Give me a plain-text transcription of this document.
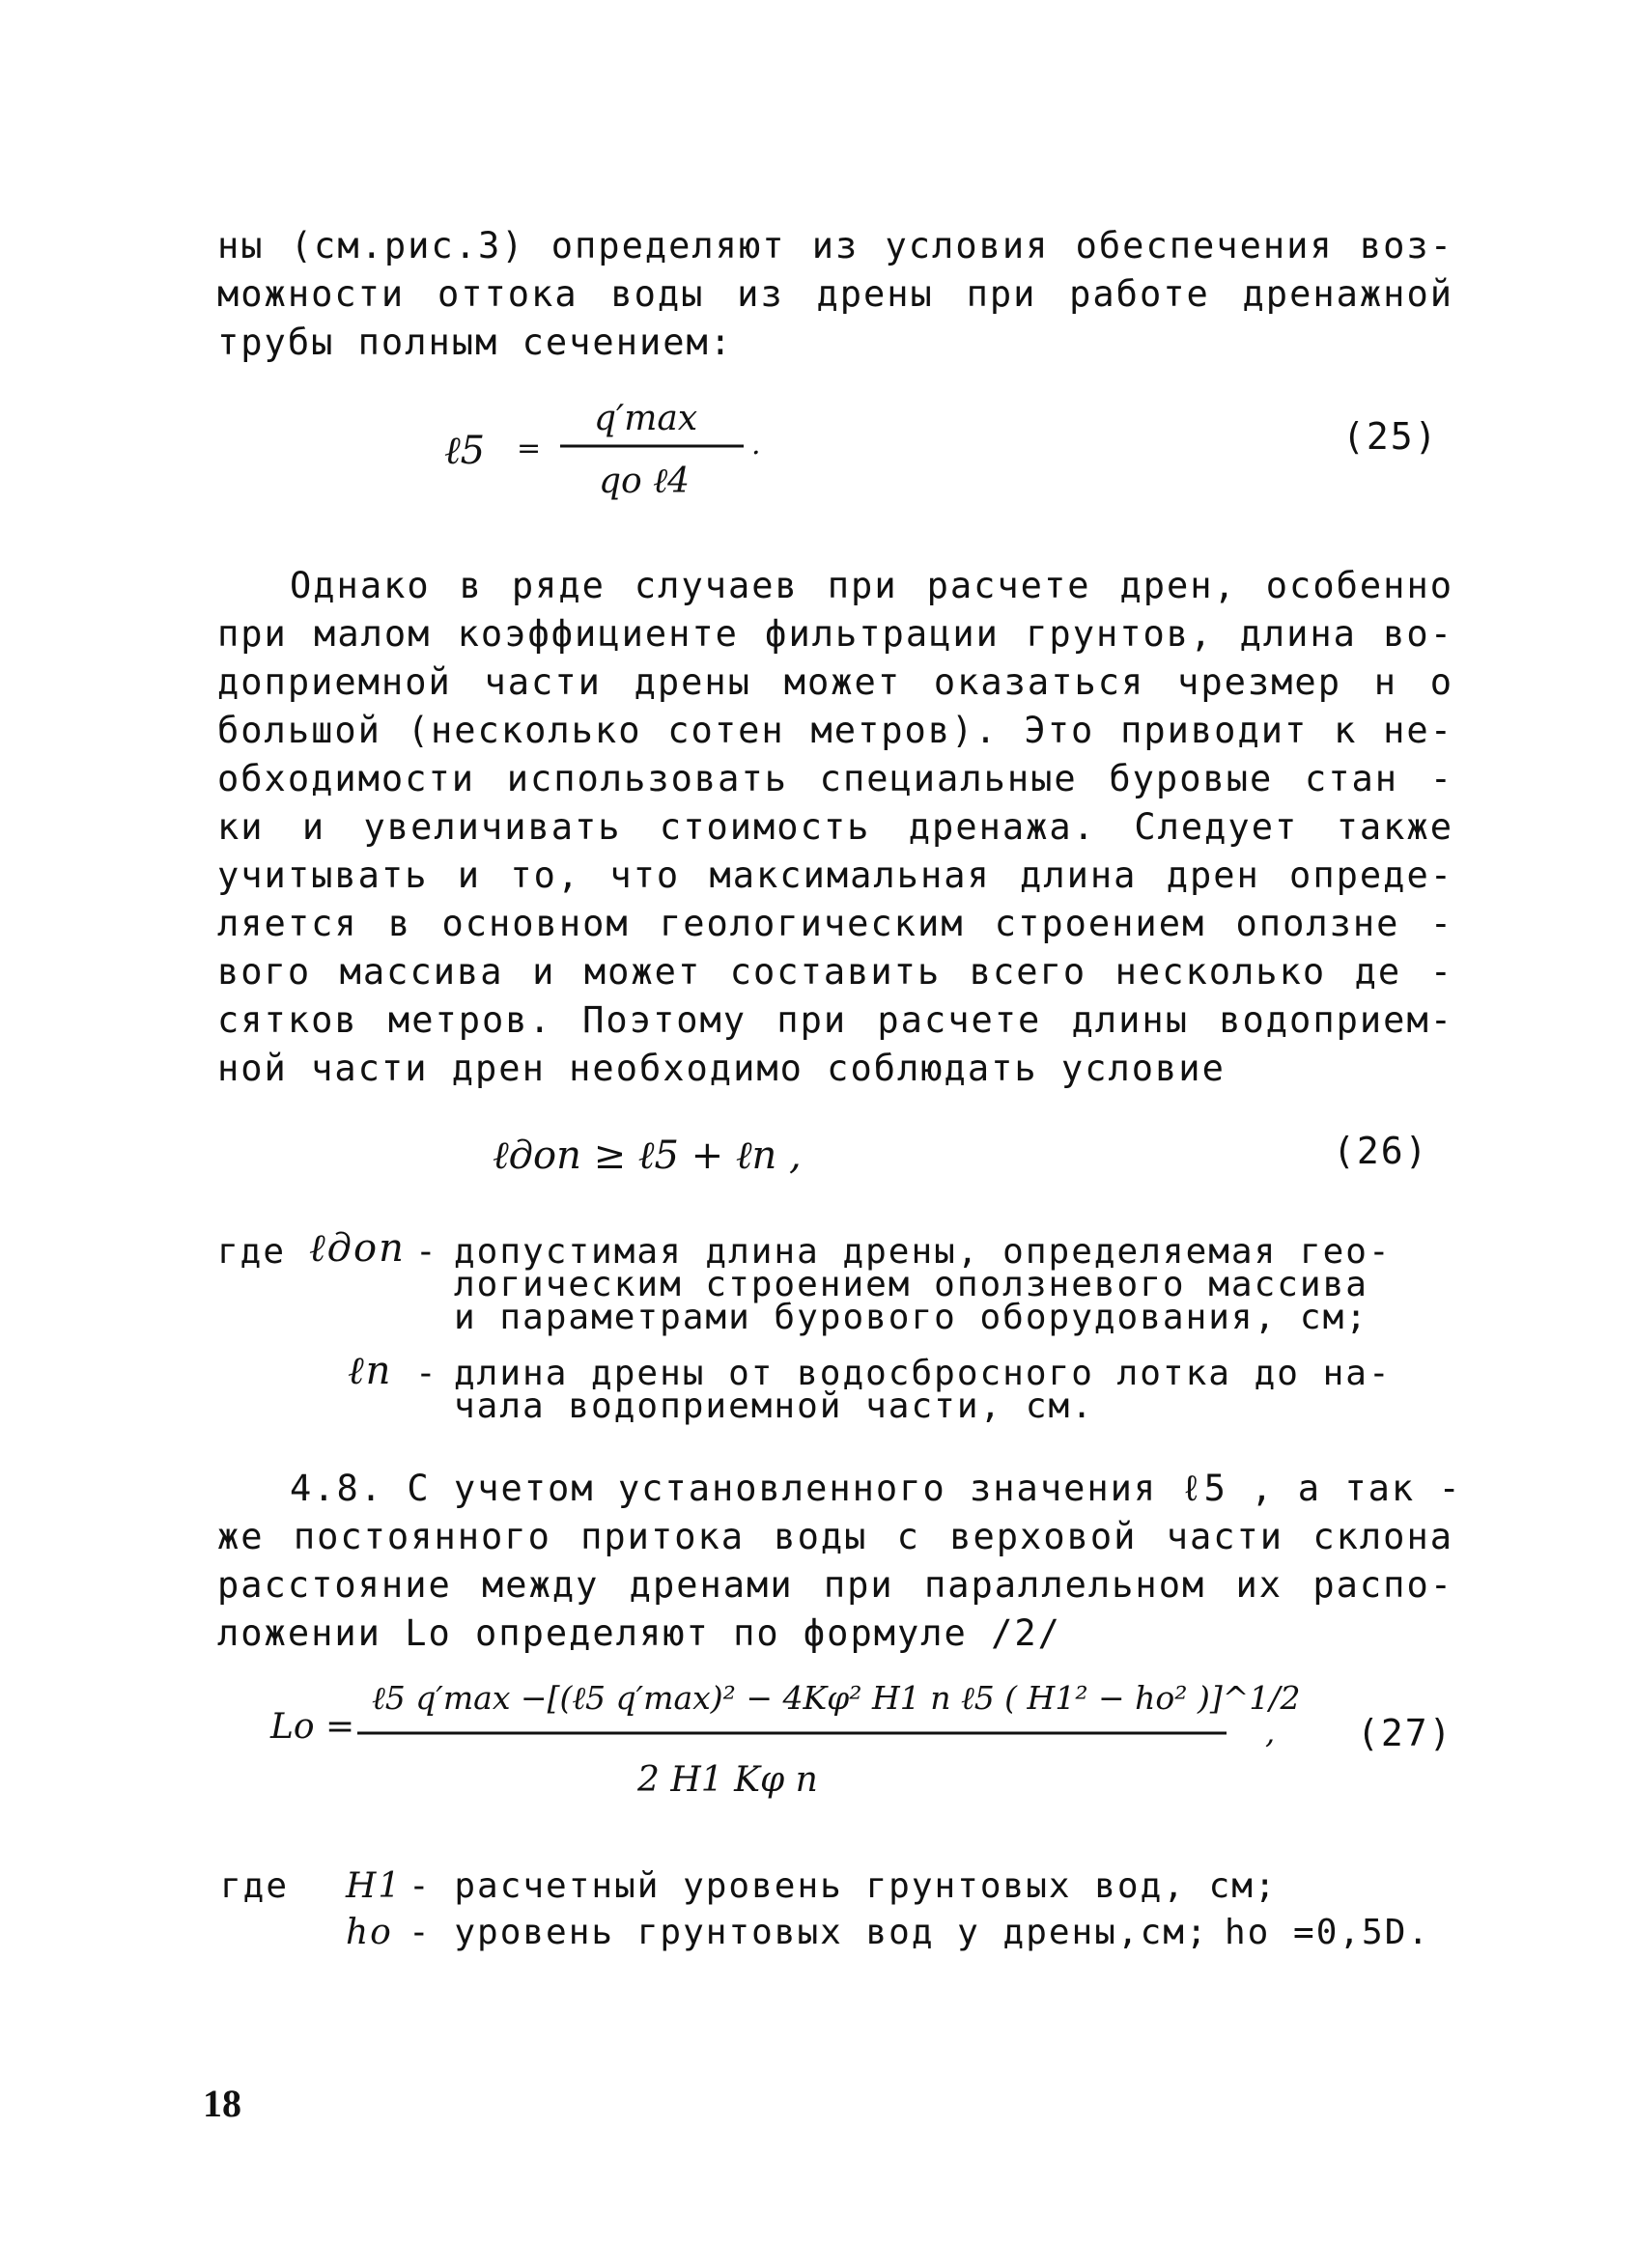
ны (см.рис.3) определяют из условия обеспечения воз-
можности оттока воды из дрены при работе дренажной
трубы полным сечением:
ℓ5 =
q′max
qo ℓ4
.	(25)
Однако в ряде случаев при расчете дрен, особенно
при малом коэффициенте фильтрации грунтов, длина во-
доприемной части дрены может оказаться чрезмер н о
большой (несколько сотен метров). Это приводит к не-
обходимости использовать специальные буровые стан -
ки и увеличивать стоимость дренажа. Следует также
учитывать и то, что максимальная длина дрен опреде-
ляется в основном геологическим строением оползне -
вого массива и может составить всего несколько де -
сятков метров. Поэтому при расчете длины водоприем-
ной части дрен необходимо соблюдать условие
ℓдоп ≥ ℓ5 + ℓn ,	(26)
где ℓдоп - допустимая длина дрены, определяемая гео-
логическим строением оползневого массива
и параметрами бурового оборудования, см;
ℓn - длина дрены от водосбросного лотка до на-
чала водоприемной части, см.
4.8. С учетом установленного значения ℓ5 , а так -
же постоянного притока воды с верховой части склона
расстояние между дренами при параллельном их распо-
ложении Lo определяют по формуле /2/
Lo =
ℓ5 q′max −[(ℓ5 q′max)² − 4Kφ² H1 n ℓ5 ( H1² − ho² )]^1/2
2 H1 Kφ n
, (27)
где H1 - расчетный уровень грунтовых вод, см;
ho - уровень грунтовых вод у дрены,см; ho =0,5D.
18
